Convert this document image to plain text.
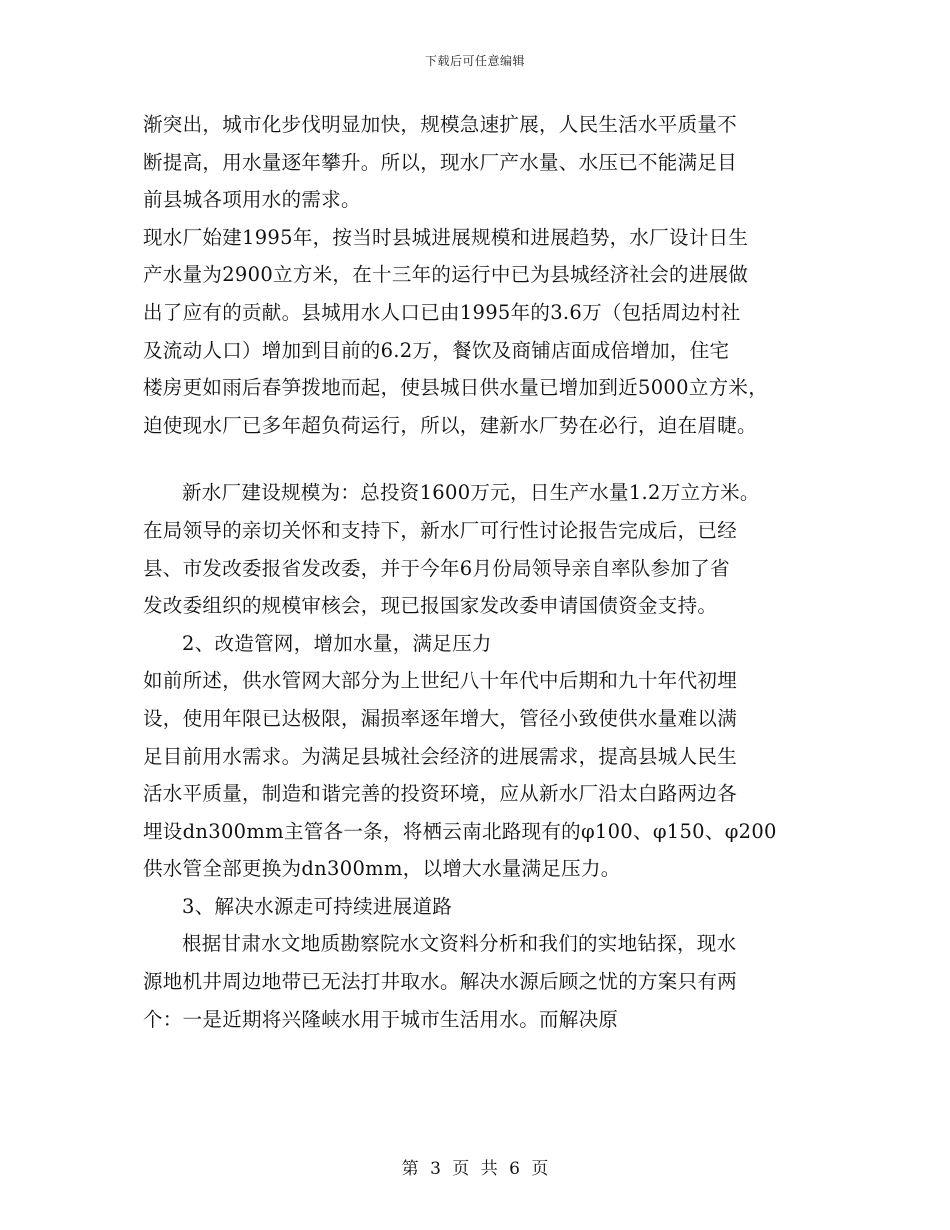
下载后可任意编辑
渐突出，城市化步伐明显加快，规模急速扩展，人民生活水平质量不
断提高，用水量逐年攀升。所以，现水厂产水量、水压已不能满足目
前县城各项用水的需求。
现水厂始建1995年，按当时县城进展规模和进展趋势，水厂设计日生
产水量为2900立方米，在十三年的运行中已为县城经济社会的进展做
出了应有的贡献。县城用水人口已由1995年的3.6万（包括周边村社
及流动人口）增加到目前的6.2万，餐饮及商铺店面成倍增加，住宅
楼房更如雨后春笋拨地而起，使县城日供水量已增加到近5000立方米，
迫使现水厂已多年超负荷运行，所以，建新水厂势在必行，迫在眉睫。
新水厂建设规模为：总投资1600万元，日生产水量1.2万立方米。
在局领导的亲切关怀和支持下，新水厂可行性讨论报告完成后，已经
县、市发改委报省发改委，并于今年6月份局领导亲自率队参加了省
发改委组织的规模审核会，现已报国家发改委申请国债资金支持。
2、改造管网，增加水量，满足压力
如前所述，供水管网大部分为上世纪八十年代中后期和九十年代初埋
设，使用年限已达极限，漏损率逐年增大，管径小致使供水量难以满
足目前用水需求。为满足县城社会经济的进展需求，提高县城人民生
活水平质量，制造和谐完善的投资环境，应从新水厂沿太白路两边各
埋设dn300mm主管各一条，将栖云南北路现有的φ100、φ150、φ200
供水管全部更换为dn300mm，以增大水量满足压力。
3、解决水源走可持续进展道路
根据甘肃水文地质勘察院水文资料分析和我们的实地钻探，现水
源地机井周边地带已无法打井取水。解决水源后顾之忧的方案只有两
个：一是近期将兴隆峡水用于城市生活用水。而解决原
第 3 页 共 6 页
